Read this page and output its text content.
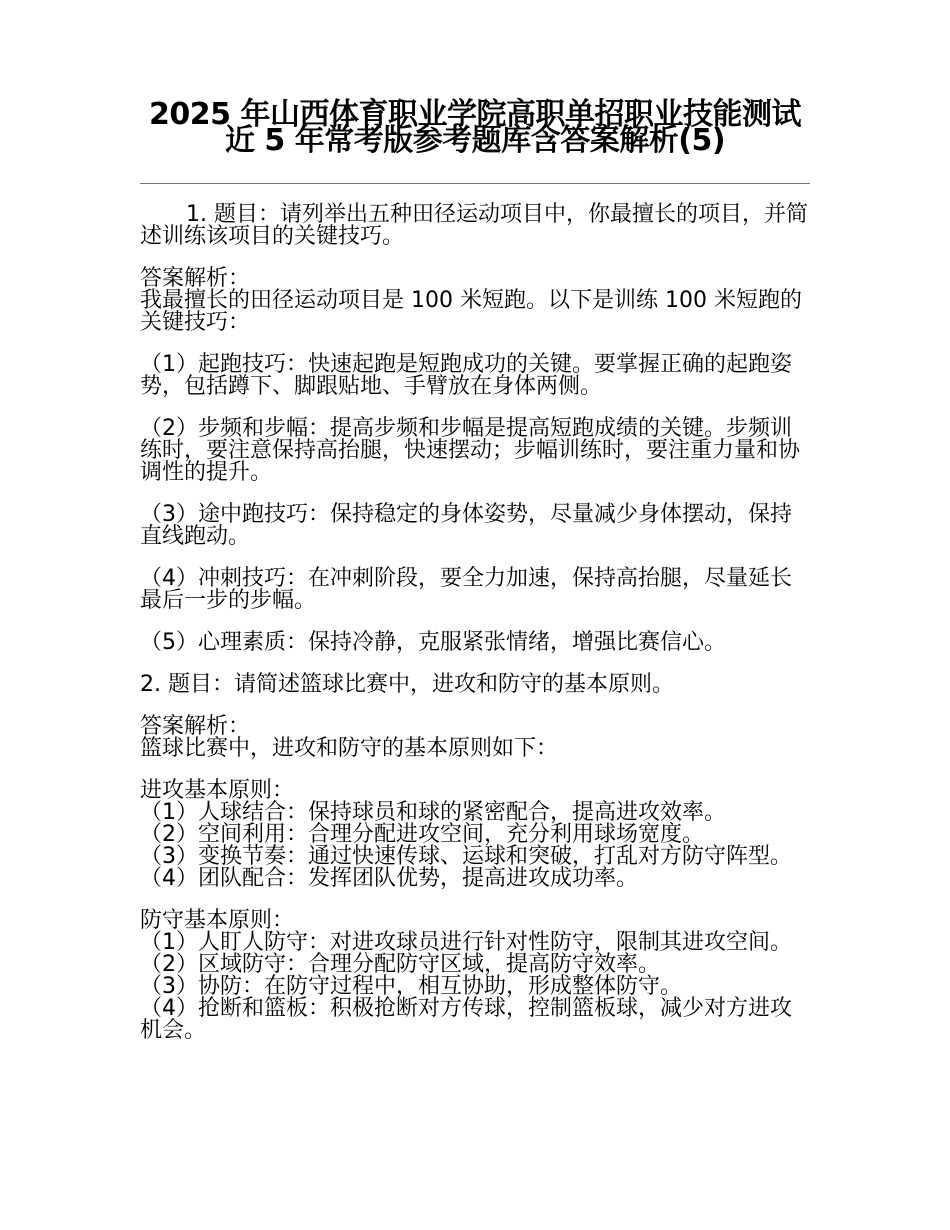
2025 年山西体育职业学院高职单招职业技能测试近 5 年常考版参考题库含答案解析(5)

1. 题目：请列举出五种田径运动项目中，你最擅长的项目，并简述训练该项目的关键技巧。

答案解析：

我最擅长的田径运动项目是 100 米短跑。以下是训练 100 米短跑的关键技巧：

（1）起跑技巧：快速起跑是短跑成功的关键。要掌握正确的起跑姿势，包括蹲下、脚跟贴地、手臂放在身体两侧。

（2）步频和步幅：提高步频和步幅是提高短跑成绩的关键。步频训练时，要注意保持高抬腿，快速摆动；步幅训练时，要注重力量和协调性的提升。

（3）途中跑技巧：保持稳定的身体姿势，尽量减少身体摆动，保持直线跑动。

（4）冲刺技巧：在冲刺阶段，要全力加速，保持高抬腿，尽量延长最后一步的步幅。

（5）心理素质：保持冷静，克服紧张情绪，增强比赛信心。

2. 题目：请简述篮球比赛中，进攻和防守的基本原则。

答案解析：

篮球比赛中，进攻和防守的基本原则如下：

进攻基本原则：

（1）人球结合：保持球员和球的紧密配合，提高进攻效率。

（2）空间利用：合理分配进攻空间，充分利用球场宽度。

（3）变换节奏：通过快速传球、运球和突破，打乱对方防守阵型。

（4）团队配合：发挥团队优势，提高进攻成功率。

防守基本原则：

（1）人盯人防守：对进攻球员进行针对性防守，限制其进攻空间。

（2）区域防守：合理分配防守区域，提高防守效率。

（3）协防：在防守过程中，相互协助，形成整体防守。

（4）抢断和篮板：积极抢断对方传球，控制篮板球，减少对方进攻机会。
